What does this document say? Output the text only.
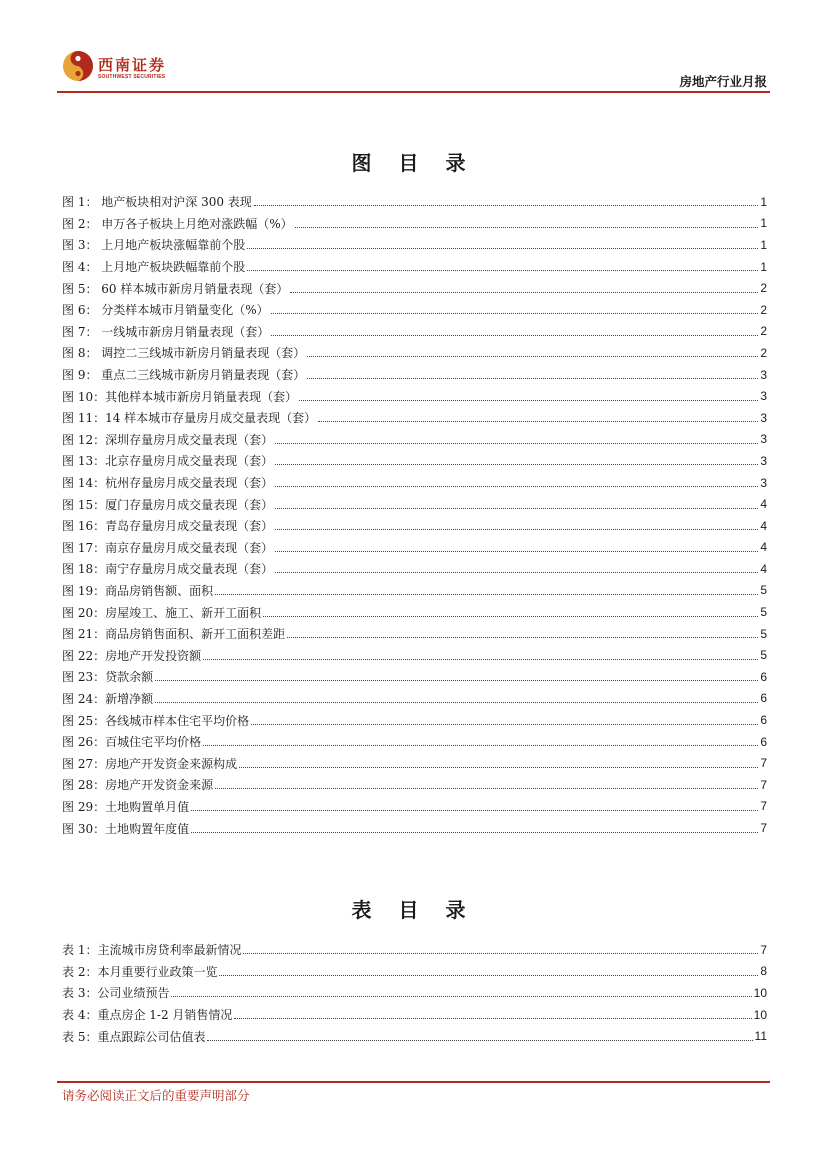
西南证券
SOUTHWEST SECURITIES	房地产行业月报
图 目 录
图 1： 地产板块相对沪深 300 表现	1
图 2： 申万各子板块上月绝对涨跌幅（%）	1
图 3： 上月地产板块涨幅靠前个股	1
图 4： 上月地产板块跌幅靠前个股	1
图 5： 60 样本城市新房月销量表现（套）	2
图 6： 分类样本城市月销量变化（%）	2
图 7： 一线城市新房月销量表现（套）	2
图 8： 调控二三线城市新房月销量表现（套）	2
图 9： 重点二三线城市新房月销量表现（套）	3
图 10：其他样本城市新房月销量表现（套）	3
图 11：14 样本城市存量房月成交量表现（套）	3
图 12：深圳存量房月成交量表现（套）	3
图 13：北京存量房月成交量表现（套）	3
图 14：杭州存量房月成交量表现（套）	3
图 15：厦门存量房月成交量表现（套）	4
图 16：青岛存量房月成交量表现（套）	4
图 17：南京存量房月成交量表现（套）	4
图 18：南宁存量房月成交量表现（套）	4
图 19：商品房销售额、面积	5
图 20：房屋竣工、施工、新开工面积	5
图 21：商品房销售面积、新开工面积差距	5
图 22：房地产开发投资额	5
图 23：贷款余额	6
图 24：新增净额	6
图 25：各线城市样本住宅平均价格	6
图 26：百城住宅平均价格	6
图 27：房地产开发资金来源构成	7
图 28：房地产开发资金来源	7
图 29：土地购置单月值	7
图 30：土地购置年度值	7
表 目 录
表 1：主流城市房贷利率最新情况	7
表 2：本月重要行业政策一览	8
表 3：公司业绩预告	10
表 4：重点房企 1-2 月销售情况	10
表 5：重点跟踪公司估值表	11
请务必阅读正文后的重要声明部分
